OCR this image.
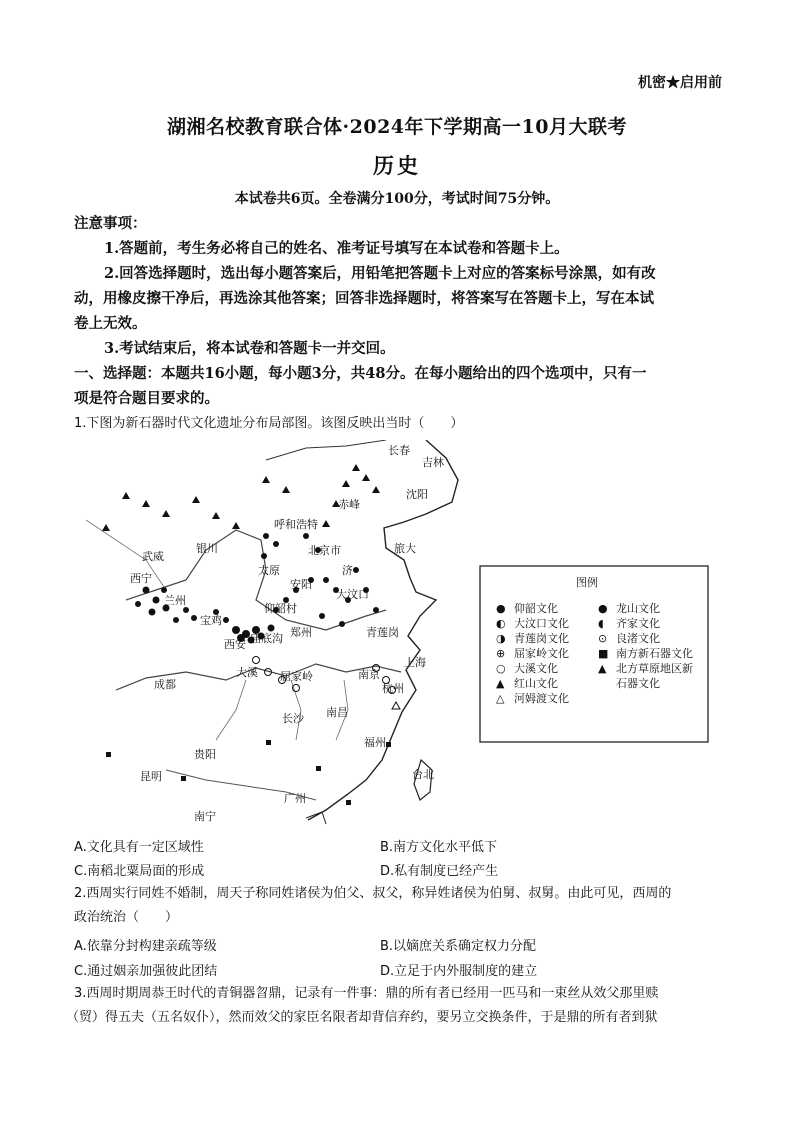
机密★启用前
湖湘名校教育联合体·2024年下学期高一10月大联考
历史
本试卷共6页。全卷满分100分，考试时间75分钟。
注意事项：
1.答题前，考生务必将自己的姓名、准考证号填写在本试卷和答题卡上。
2.回答选择题时，选出每小题答案后，用铅笔把答题卡上对应的答案标号涂黑，如有改
动，用橡皮擦干净后，再选涂其他答案；回答非选择题时，将答案写在答题卡上，写在本试
卷上无效。
3.考试结束后，将本试卷和答题卡一并交回。
一、选择题：本题共16小题，每小题3分，共48分。在每小题给出的四个选项中，只有一
项是符合题目要求的。
1.下图为新石器时代文化遗址分布局部图。该图反映出当时（　　）
长春
吉林
赤峰
沈阳
呼和浩特
北京市	旅大
武威
银川
太原	济
西宁	安阳
大汶口
兰州
仰韶村
宝鸡
郑州	青莲岗
庙底沟
西安
上海
大溪 屈家岭	南京
杭州
成都
南昌
长沙
福州
贵阳
昆明	台北
广州
南宁
图例
● 仰韶文化
◐ 大汶口文化
◑ 青莲岗文化
⊕ 屈家岭文化
○ 大溪文化
▲ 红山文化
△ 河姆渡文化
● 龙山文化
◖ 齐家文化
⊙ 良渚文化
■ 南方新石器文化
▲ 北方草原地区新
石器文化
A.文化具有一定区域性	B.南方文化水平低下
C.南稻北粟局面的形成	D.私有制度已经产生
2.西周实行同姓不婚制，周天子称同姓诸侯为伯父、叔父，称异姓诸侯为伯舅、叔舅。由此可见，西周的
政治统治（　　）
A.依靠分封构建亲疏等级	B.以嫡庶关系确定权力分配
C.通过姻亲加强彼此团结	D.立足于内外服制度的建立
3.西周时期周恭王时代的青铜器曶鼎，记录有一件事：鼎的所有者已经用一匹马和一束丝从效父那里赎
（贸）得五夫（五名奴仆），然而效父的家臣名限者却背信弃约，要另立交换条件，于是鼎的所有者到狱
